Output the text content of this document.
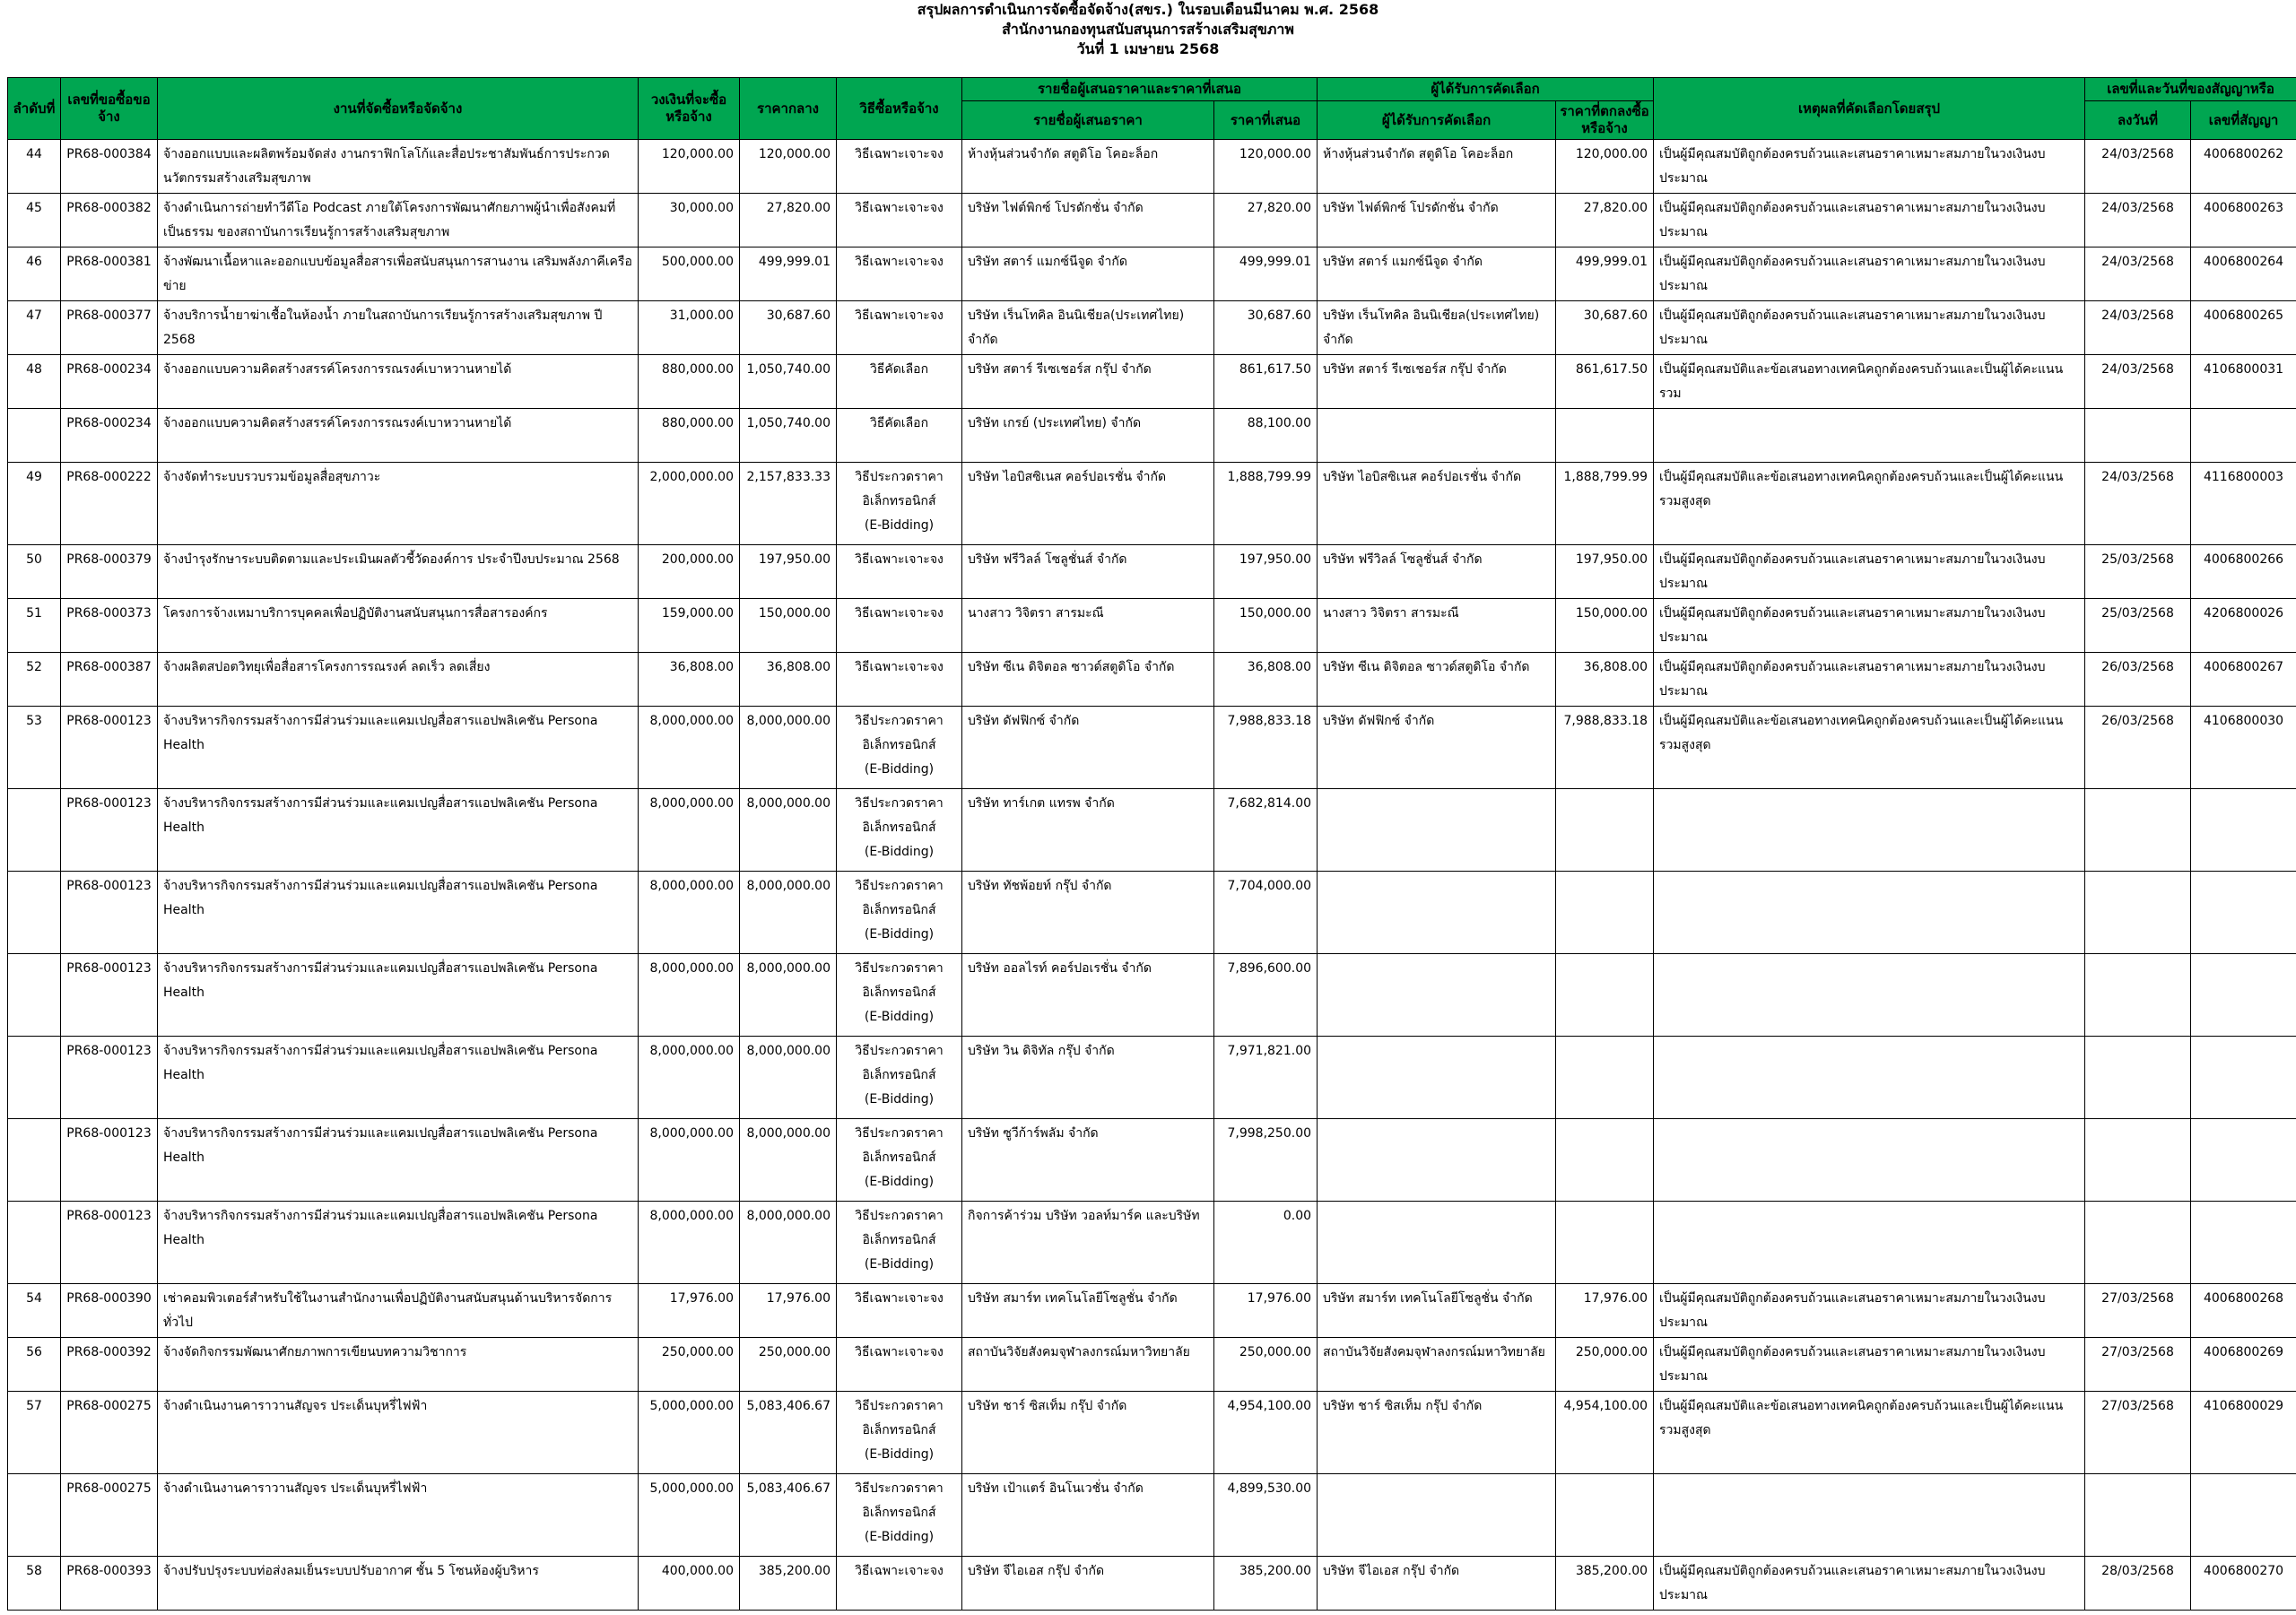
สรุปผลการดำเนินการจัดซื้อจัดจ้าง(สขร.) ในรอบเดือนมีนาคม พ.ศ. 2568
สำนักงานกองทุนสนับสนุนการสร้างเสริมสุขภาพ
วันที่ 1 เมษายน 2568
ลำดับที่	เลขที่ขอซื้อขอจ้าง	งานที่จัดซื้อหรือจัดจ้าง	วงเงินที่จะซื้อหรือจ้าง	ราคากลาง	วิธีซื้อหรือจ้าง	รายชื่อผู้เสนอราคาและราคาที่เสนอ		ผู้ได้รับการคัดเลือก		เหตุผลที่คัดเลือกโดยสรุป	เลขที่และวันที่ของสัญญาหรือ	
						รายชื่อผู้เสนอราคา	ราคาที่เสนอ	ผู้ได้รับการคัดเลือก	ราคาที่ตกลงซื้อหรือจ้าง		ลงวันที่	เลขที่สัญญา
44	PR68-000384	จ้างออกแบบและผลิตพร้อมจัดส่ง งานกราฟิกโลโก้และสื่อประชาสัมพันธ์การประกวดนวัตกรรมสร้างเสริมสุขภาพ	120,000.00	120,000.00	วิธีเฉพาะเจาะจง	ห้างหุ้นส่วนจำกัด สตูดิโอ โคอะล็อก	120,000.00	ห้างหุ้นส่วนจำกัด สตูดิโอ โคอะล็อก	120,000.00	เป็นผู้มีคุณสมบัติถูกต้องครบถ้วนและเสนอราคาเหมาะสมภายในวงเงินงบประมาณ	24/03/2568	4006800262
45	PR68-000382	จ้างดำเนินการถ่ายทำวีดีโอ Podcast ภายใต้โครงการพัฒนาศักยภาพผู้นำเพื่อสังคมที่เป็นธรรม ของสถาบันการเรียนรู้การสร้างเสริมสุขภาพ	30,000.00	27,820.00	วิธีเฉพาะเจาะจง	บริษัท ไฟต์พิกซ์ โปรดักชั่น จำกัด	27,820.00	บริษัท ไฟต์พิกซ์ โปรดักชั่น จำกัด	27,820.00	เป็นผู้มีคุณสมบัติถูกต้องครบถ้วนและเสนอราคาเหมาะสมภายในวงเงินงบประมาณ	24/03/2568	4006800263
46	PR68-000381	จ้างพัฒนาเนื้อหาและออกแบบข้อมูลสื่อสารเพื่อสนับสนุนการสานงาน เสริมพลังภาคีเครือข่าย	500,000.00	499,999.01	วิธีเฉพาะเจาะจง	บริษัท สตาร์ แมกซ์นีจูด จำกัด	499,999.01	บริษัท สตาร์ แมกซ์นีจูด จำกัด	499,999.01	เป็นผู้มีคุณสมบัติถูกต้องครบถ้วนและเสนอราคาเหมาะสมภายในวงเงินงบประมาณ	24/03/2568	4006800264
47	PR68-000377	จ้างบริการน้ำยาฆ่าเชื้อในห้องน้ำ ภายในสถาบันการเรียนรู้การสร้างเสริมสุขภาพ ปี 2568	31,000.00	30,687.60	วิธีเฉพาะเจาะจง	บริษัท เร็นโทคิล อินนิเชียล(ประเทศไทย) จำกัด	30,687.60	บริษัท เร็นโทคิล อินนิเชียล(ประเทศไทย) จำกัด	30,687.60	เป็นผู้มีคุณสมบัติถูกต้องครบถ้วนและเสนอราคาเหมาะสมภายในวงเงินงบประมาณ	24/03/2568	4006800265
48	PR68-000234	จ้างออกแบบความคิดสร้างสรรค์โครงการรณรงค์เบาหวานหายได้	880,000.00	1,050,740.00	วิธีคัดเลือก	บริษัท สตาร์ รีเซเชอร์ส กรุ๊ป จำกัด	861,617.50	บริษัท สตาร์ รีเซเชอร์ส กรุ๊ป จำกัด	861,617.50	เป็นผู้มีคุณสมบัติและข้อเสนอทางเทคนิคถูกต้องครบถ้วนและเป็นผู้ได้คะแนนรวม	24/03/2568	4106800031
	PR68-000234	จ้างออกแบบความคิดสร้างสรรค์โครงการรณรงค์เบาหวานหายได้	880,000.00	1,050,740.00	วิธีคัดเลือก	บริษัท เกรย์ (ประเทศไทย) จำกัด	88,100.00					
49	PR68-000222	จ้างจัดทำระบบรวบรวมข้อมูลสื่อสุขภาวะ	2,000,000.00	2,157,833.33	วิธีประกวดราคา
อิเล็กทรอนิกส์
(E-Bidding)	บริษัท ไอบิสซิเนส คอร์ปอเรชั่น จำกัด	1,888,799.99	บริษัท ไอบิสซิเนส คอร์ปอเรชั่น จำกัด	1,888,799.99	เป็นผู้มีคุณสมบัติและข้อเสนอทางเทคนิคถูกต้องครบถ้วนและเป็นผู้ได้คะแนนรวมสูงสุด	24/03/2568	4116800003
50	PR68-000379	จ้างบำรุงรักษาระบบติดตามและประเมินผลตัวชี้วัดองค์การ ประจำปีงบประมาณ 2568	200,000.00	197,950.00	วิธีเฉพาะเจาะจง	บริษัท ฟรีวิลล์ โซลูชั่นส์ จำกัด	197,950.00	บริษัท ฟรีวิลล์ โซลูชั่นส์ จำกัด	197,950.00	เป็นผู้มีคุณสมบัติถูกต้องครบถ้วนและเสนอราคาเหมาะสมภายในวงเงินงบประมาณ	25/03/2568	4006800266
51	PR68-000373	โครงการจ้างเหมาบริการบุคคลเพื่อปฏิบัติงานสนับสนุนการสื่อสารองค์กร	159,000.00	150,000.00	วิธีเฉพาะเจาะจง	นางสาว วิจิตรา สารมะณี	150,000.00	นางสาว วิจิตรา สารมะณี	150,000.00	เป็นผู้มีคุณสมบัติถูกต้องครบถ้วนและเสนอราคาเหมาะสมภายในวงเงินงบประมาณ	25/03/2568	4206800026
52	PR68-000387	จ้างผลิตสปอตวิทยุเพื่อสื่อสารโครงการรณรงค์ ลดเร็ว ลดเสี่ยง	36,808.00	36,808.00	วิธีเฉพาะเจาะจง	บริษัท ซีเน ดิจิตอล ซาวด์สตูดิโอ จำกัด	36,808.00	บริษัท ซีเน ดิจิตอล ซาวด์สตูดิโอ จำกัด	36,808.00	เป็นผู้มีคุณสมบัติถูกต้องครบถ้วนและเสนอราคาเหมาะสมภายในวงเงินงบประมาณ	26/03/2568	4006800267
53	PR68-000123	จ้างบริหารกิจกรรมสร้างการมีส่วนร่วมและแคมเปญสื่อสารแอปพลิเคชัน Persona Health	8,000,000.00	8,000,000.00	วิธีประกวดราคา
อิเล็กทรอนิกส์
(E-Bidding)	บริษัท ดัฟฟิกซ์ จำกัด	7,988,833.18	บริษัท ดัฟฟิกซ์ จำกัด	7,988,833.18	เป็นผู้มีคุณสมบัติและข้อเสนอทางเทคนิคถูกต้องครบถ้วนและเป็นผู้ได้คะแนนรวมสูงสุด	26/03/2568	4106800030
	PR68-000123	จ้างบริหารกิจกรรมสร้างการมีส่วนร่วมและแคมเปญสื่อสารแอปพลิเคชัน Persona Health	8,000,000.00	8,000,000.00	วิธีประกวดราคา
อิเล็กทรอนิกส์
(E-Bidding)	บริษัท ทาร์เกต แทรพ จำกัด	7,682,814.00					
	PR68-000123	จ้างบริหารกิจกรรมสร้างการมีส่วนร่วมและแคมเปญสื่อสารแอปพลิเคชัน Persona Health	8,000,000.00	8,000,000.00	วิธีประกวดราคา
อิเล็กทรอนิกส์
(E-Bidding)	บริษัท ทัชพ้อยท์ กรุ๊ป จำกัด	7,704,000.00					
	PR68-000123	จ้างบริหารกิจกรรมสร้างการมีส่วนร่วมและแคมเปญสื่อสารแอปพลิเคชัน Persona Health	8,000,000.00	8,000,000.00	วิธีประกวดราคา
อิเล็กทรอนิกส์
(E-Bidding)	บริษัท ออลไรท์ คอร์ปอเรชั่น จำกัด	7,896,600.00					
	PR68-000123	จ้างบริหารกิจกรรมสร้างการมีส่วนร่วมและแคมเปญสื่อสารแอปพลิเคชัน Persona Health	8,000,000.00	8,000,000.00	วิธีประกวดราคา
อิเล็กทรอนิกส์
(E-Bidding)	บริษัท วิน ดิจิทัล กรุ๊ป จำกัด	7,971,821.00					
	PR68-000123	จ้างบริหารกิจกรรมสร้างการมีส่วนร่วมและแคมเปญสื่อสารแอปพลิเคชัน Persona Health	8,000,000.00	8,000,000.00	วิธีประกวดราคา
อิเล็กทรอนิกส์
(E-Bidding)	บริษัท ซูวีก้าร์พลัม จำกัด	7,998,250.00					
	PR68-000123	จ้างบริหารกิจกรรมสร้างการมีส่วนร่วมและแคมเปญสื่อสารแอปพลิเคชัน Persona Health	8,000,000.00	8,000,000.00	วิธีประกวดราคา
อิเล็กทรอนิกส์
(E-Bidding)	กิจการค้าร่วม บริษัท วอลท์มาร์ค และบริษัท	0.00					
54	PR68-000390	เช่าคอมพิวเตอร์สำหรับใช้ในงานสำนักงานเพื่อปฏิบัติงานสนับสนุนด้านบริหารจัดการทั่วไป	17,976.00	17,976.00	วิธีเฉพาะเจาะจง	บริษัท สมาร์ท เทคโนโลยีโซลูชั่น จำกัด	17,976.00	บริษัท สมาร์ท เทคโนโลยีโซลูชั่น จำกัด	17,976.00	เป็นผู้มีคุณสมบัติถูกต้องครบถ้วนและเสนอราคาเหมาะสมภายในวงเงินงบประมาณ	27/03/2568	4006800268
56	PR68-000392	จ้างจัดกิจกรรมพัฒนาศักยภาพการเขียนบทความวิชาการ	250,000.00	250,000.00	วิธีเฉพาะเจาะจง	สถาบันวิจัยสังคมจุฬาลงกรณ์มหาวิทยาลัย	250,000.00	สถาบันวิจัยสังคมจุฬาลงกรณ์มหาวิทยาลัย	250,000.00	เป็นผู้มีคุณสมบัติถูกต้องครบถ้วนและเสนอราคาเหมาะสมภายในวงเงินงบประมาณ	27/03/2568	4006800269
57	PR68-000275	จ้างดำเนินงานคาราวานสัญจร ประเด็นบุหรี่ไฟฟ้า	5,000,000.00	5,083,406.67	วิธีประกวดราคา
อิเล็กทรอนิกส์
(E-Bidding)	บริษัท ชาร์ ซิสเท็ม กรุ๊ป จำกัด	4,954,100.00	บริษัท ชาร์ ซิสเท็ม กรุ๊ป จำกัด	4,954,100.00	เป็นผู้มีคุณสมบัติและข้อเสนอทางเทคนิคถูกต้องครบถ้วนและเป็นผู้ได้คะแนนรวมสูงสุด	27/03/2568	4106800029
	PR68-000275	จ้างดำเนินงานคาราวานสัญจร ประเด็นบุหรี่ไฟฟ้า	5,000,000.00	5,083,406.67	วิธีประกวดราคา
อิเล็กทรอนิกส์
(E-Bidding)	บริษัท เป้าแตร์ อินโนเวชั่น จำกัด	4,899,530.00					
58	PR68-000393	จ้างปรับปรุงระบบท่อส่งลมเย็นระบบปรับอากาศ ชั้น 5 โซนห้องผู้บริหาร	400,000.00	385,200.00	วิธีเฉพาะเจาะจง	บริษัท จีไอเอส กรุ๊ป จำกัด	385,200.00	บริษัท จีไอเอส กรุ๊ป จำกัด	385,200.00	เป็นผู้มีคุณสมบัติถูกต้องครบถ้วนและเสนอราคาเหมาะสมภายในวงเงินงบประมาณ	28/03/2568	4006800270
